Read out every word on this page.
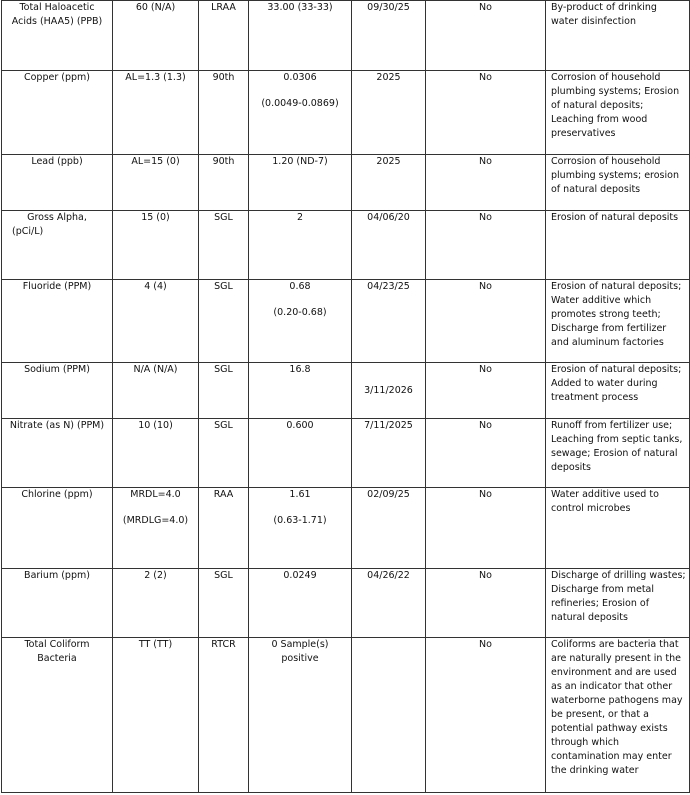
Total Haloacetic
Acids (HAA5) (PPB)	60 (N/A)	LRAA	33.00 (33-33)	09/30/25	No	By-product of drinking water disinfection

Copper (ppm)	AL=1.3 (1.3)	90th	0.0306
(0.0049-0.0869)	2025	No	Corrosion of household plumbing systems; Erosion of natural deposits; Leaching from wood preservatives

Lead (ppb)	AL=15 (0)	90th	1.20 (ND-7)	2025	No	Corrosion of household plumbing systems; erosion of natural deposits

Gross Alpha,
(pCi/L)	15 (0)	SGL	2	04/06/20	No	Erosion of natural deposits

Fluoride (PPM)	4 (4)	SGL	0.68
(0.20-0.68)	04/23/25	No	Erosion of natural deposits; Water additive which promotes strong teeth; Discharge from fertilizer and aluminum factories

Sodium (PPM)	N/A (N/A)	SGL	16.8	3/11/2026	No	Erosion of natural deposits; Added to water during treatment process

Nitrate (as N) (PPM)	10 (10)	SGL	0.600	7/11/2025	No	Runoff from fertilizer use; Leaching from septic tanks, sewage; Erosion of natural deposits

Chlorine (ppm)	MRDL=4.0
(MRDLG=4.0)	RAA	1.61
(0.63-1.71)	02/09/25	No	Water additive used to control microbes

Barium (ppm)	2 (2)	SGL	0.0249	04/26/22	No	Discharge of drilling wastes; Discharge from metal refineries; Erosion of natural deposits

Total Coliform
Bacteria	TT (TT)	RTCR	0 Sample(s)
positive		No	Coliforms are bacteria that are naturally present in the environment and are used as an indicator that other waterborne pathogens may be present, or that a potential pathway exists through which contamination may enter the drinking water
